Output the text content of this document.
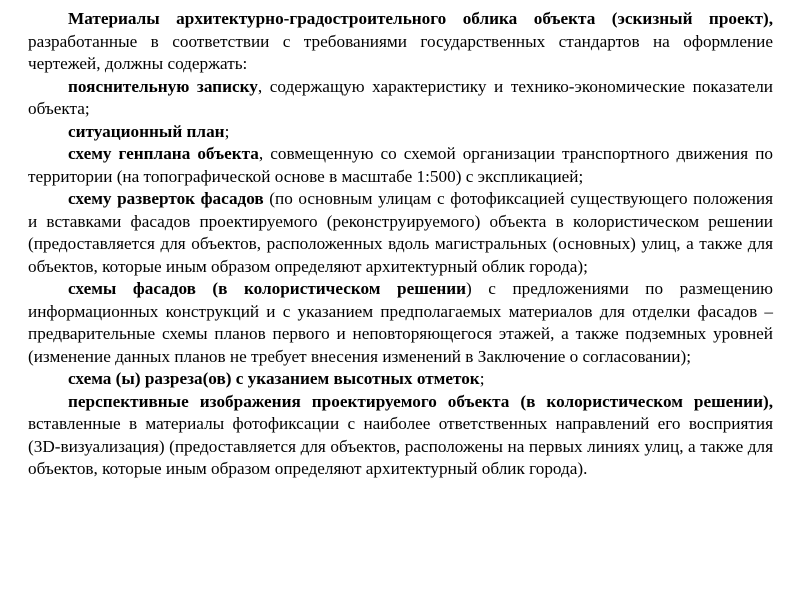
Материалы архитектурно-градостроительного облика объекта (эскизный проект), разработанные в соответствии с требованиями государственных стандартов на оформление чертежей, должны содержать:

пояснительную записку, содержащую характеристику и технико-экономические показатели объекта;

ситуационный план;

схему генплана объекта, совмещенную со схемой организации транспортного движения по территории (на топографической основе в масштабе 1:500) с экспликацией;

схему разверток фасадов (по основным улицам с фотофиксацией существующего положения и вставками фасадов проектируемого (реконструируемого) объекта в колористическом решении (предоставляется для объектов, расположенных вдоль магистральных (основных) улиц, а также для объектов, которые иным образом определяют архитектурный облик города);

схемы фасадов (в колористическом решении) с предложениями по размещению информационных конструкций и с указанием предполагаемых материалов для отделки фасадов – предварительные схемы планов первого и неповторяющегося этажей, а также подземных уровней (изменение данных планов не требует внесения изменений в Заключение о согласовании);

схема (ы) разреза(ов) с указанием высотных отметок;

перспективные изображения проектируемого объекта (в колористическом решении), вставленные в материалы фотофиксации с наиболее ответственных направлений его восприятия (3D-визуализация) (предоставляется для объектов, расположены на первых линиях улиц, а также для объектов, которые иным образом определяют архитектурный облик города).
